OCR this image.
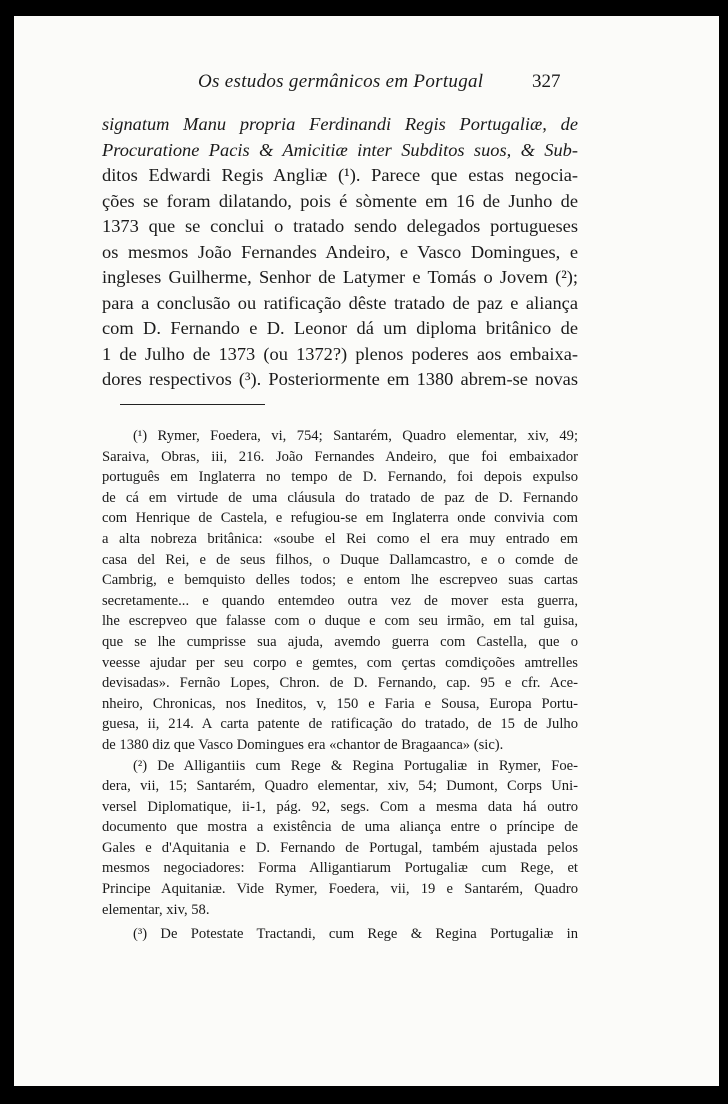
Os estudos germânicos em Portugal	327
signatum Manu propria Ferdinandi Regis Portugaliæ, de
Procuratione Pacis & Amicitiæ inter Subditos suos, & Sub-
ditos Edwardi Regis Angliæ (¹). Parece que estas negocia-
ções se foram dilatando, pois é sòmente em 16 de Junho de
1373 que se conclui o tratado sendo delegados portugueses
os mesmos João Fernandes Andeiro, e Vasco Domingues, e
ingleses Guilherme, Senhor de Latymer e Tomás o Jovem (²);
para a conclusão ou ratificação dêste tratado de paz e aliança
com D. Fernando e D. Leonor dá um diploma britânico de
1 de Julho de 1373 (ou 1372?) plenos poderes aos embaixa-
dores respectivos (³). Posteriormente em 1380 abrem-se novas
(¹) Rymer, Foedera, vi, 754; Santarém, Quadro elementar, xiv, 49;
Saraiva, Obras, iii, 216. João Fernandes Andeiro, que foi embaixador
português em Inglaterra no tempo de D. Fernando, foi depois expulso
de cá em virtude de uma cláusula do tratado de paz de D. Fernando
com Henrique de Castela, e refugiou-se em Inglaterra onde convivia com
a alta nobreza britânica: «soube el Rei como el era muy entrado em
casa del Rei, e de seus filhos, o Duque Dallamcastro, e o comde de
Cambrig, e bemquisto delles todos; e entom lhe escrepveo suas cartas
secretamente... e quando entemdeo outra vez de mover esta guerra,
lhe escrepveo que falasse com o duque e com seu irmão, em tal guisa,
que se lhe cumprisse sua ajuda, avemdo guerra com Castella, que o
veesse ajudar per seu corpo e gemtes, com çertas comdiçoões amtrelles
devisadas». Fernão Lopes, Chron. de D. Fernando, cap. 95 e cfr. Ace-
nheiro, Chronicas, nos Ineditos, v, 150 e Faria e Sousa, Europa Portu-
guesa, ii, 214. A carta patente de ratificação do tratado, de 15 de Julho
de 1380 diz que Vasco Domingues era «chantor de Bragaanca» (sic).
(²) De Alligantiis cum Rege & Regina Portugaliæ in Rymer, Foe-
dera, vii, 15; Santarém, Quadro elementar, xiv, 54; Dumont, Corps Uni-
versel Diplomatique, ii-1, pág. 92, segs. Com a mesma data há outro
documento que mostra a existência de uma aliança entre o príncipe de
Gales e d'Aquitania e D. Fernando de Portugal, também ajustada pelos
mesmos negociadores: Forma Alligantiarum Portugaliæ cum Rege, et
Principe Aquitaniæ. Vide Rymer, Foedera, vii, 19 e Santarém, Quadro
elementar, xiv, 58.
(³) De Potestate Tractandi, cum Rege & Regina Portugaliæ in
